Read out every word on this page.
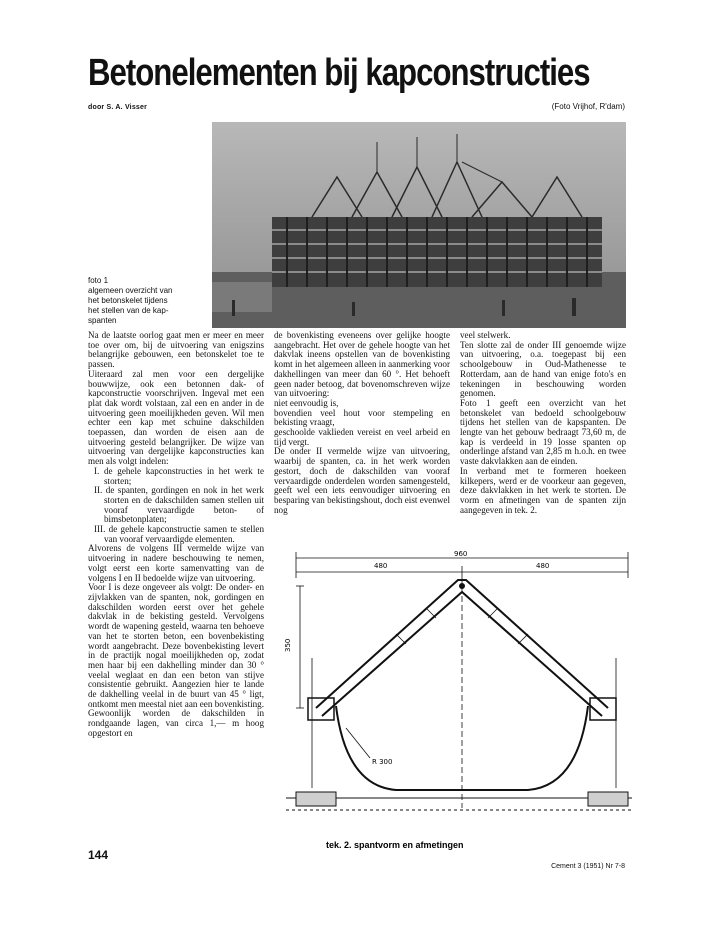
Betonelementen bij kapconstructies
door S. A. Visser	(Foto Vrijhof, R'dam)
foto 1
algemeen overzicht van
het betonskelet tijdens
het stellen van de kap-
spanten

Na de laatste oorlog gaat men er meer en meer toe over om, bij de uitvoering van enigszins belangrijke gebouwen, een betonskelet toe te passen.

Uiteraard zal men voor een dergelijke bouwwijze, ook een betonnen dak- of kapconstructie voorschrijven. Ingeval met een plat dak wordt volstaan, zal een en ander in de uitvoering geen moeilijkheden geven. Wil men echter een kap met schuine dakschilden toepassen, dan worden de eisen aan de uitvoering gesteld belangrijker. De wijze van uitvoering van dergelijke kapconstructies kan men als volgt indelen:

I. de gehele kapconstructies in het werk te storten;

II. de spanten, gordingen en nok in het werk storten en de dakschilden samen stellen uit vooraf vervaardigde beton- of bimsbetonplaten;

III. de gehele kapconstructie samen te stellen van vooraf vervaardigde elementen.

Alvorens de volgens III vermelde wijze van uitvoering in nadere beschouwing te nemen, volgt eerst een korte samenvatting van de volgens I en II bedoelde wijze van uitvoering.

Voor I is deze ongeveer als volgt: De onder- en zijvlakken van de spanten, nok, gordingen en dakschilden worden eerst over het gehele dakvlak in de bekisting gesteld. Vervolgens wordt de wapening gesteld, waarna ten behoeve van het te storten beton, een bovenbekisting wordt aangebracht. Deze bovenbekisting levert in de practijk nogal moeilijkheden op, zodat men haar bij een dakhelling minder dan 30 ° veelal weglaat en dan een beton van stijve consistentie gebruikt. Aangezien hier te lande de dakhelling veelal in de buurt van 45 ° ligt, ontkomt men meestal niet aan een bovenkisting. Gewoonlijk worden de dakschilden in rondgaande lagen, van circa 1,— m hoog opgestort en

de bovenkisting eveneens over gelijke hoogte aangebracht. Het over de gehele hoogte van het dakvlak ineens opstellen van de bovenkisting komt in het algemeen alleen in aanmerking voor dakhellingen van meer dan 60 °. Het behoeft geen nader betoog, dat bovenomschreven wijze van uitvoering:

niet eenvoudig is,

bovendien veel hout voor stempeling en bekisting vraagt,

geschoolde vaklieden vereist en veel arbeid en tijd vergt.

De onder II vermelde wijze van uitvoering, waarbij de spanten, ca. in het werk worden gestort, doch de dakschilden van vooraf vervaardigde onderdelen worden samengesteld, geeft wel een iets eenvoudiger uitvoering en besparing van bekistingshout, doch eist evenwel nog

veel stelwerk.

Ten slotte zal de onder III genoemde wijze van uitvoering, o.a. toegepast bij een schoolgebouw in Oud-Mathenesse te Rotterdam, aan de hand van enige foto's en tekeningen in beschouwing worden genomen.

Foto 1 geeft een overzicht van het betonskelet van bedoeld schoolgebouw tijdens het stellen van de kapspanten. De lengte van het gebouw bedraagt 73,60 m, de kap is verdeeld in 19 losse spanten op onderlinge afstand van 2,85 m h.o.h. en twee vaste dakvlakken aan de einden.

In verband met te formeren hoekeen kilkepers, werd er de voorkeur aan gegeven, deze dakvlakken in het werk te storten. De vorm en afmetingen van de spanten zijn aangegeven in tek. 2.

480	480
960
350
R 300
tek. 2. spantvorm en afmetingen
144
Cement 3 (1951) Nr 7-8
